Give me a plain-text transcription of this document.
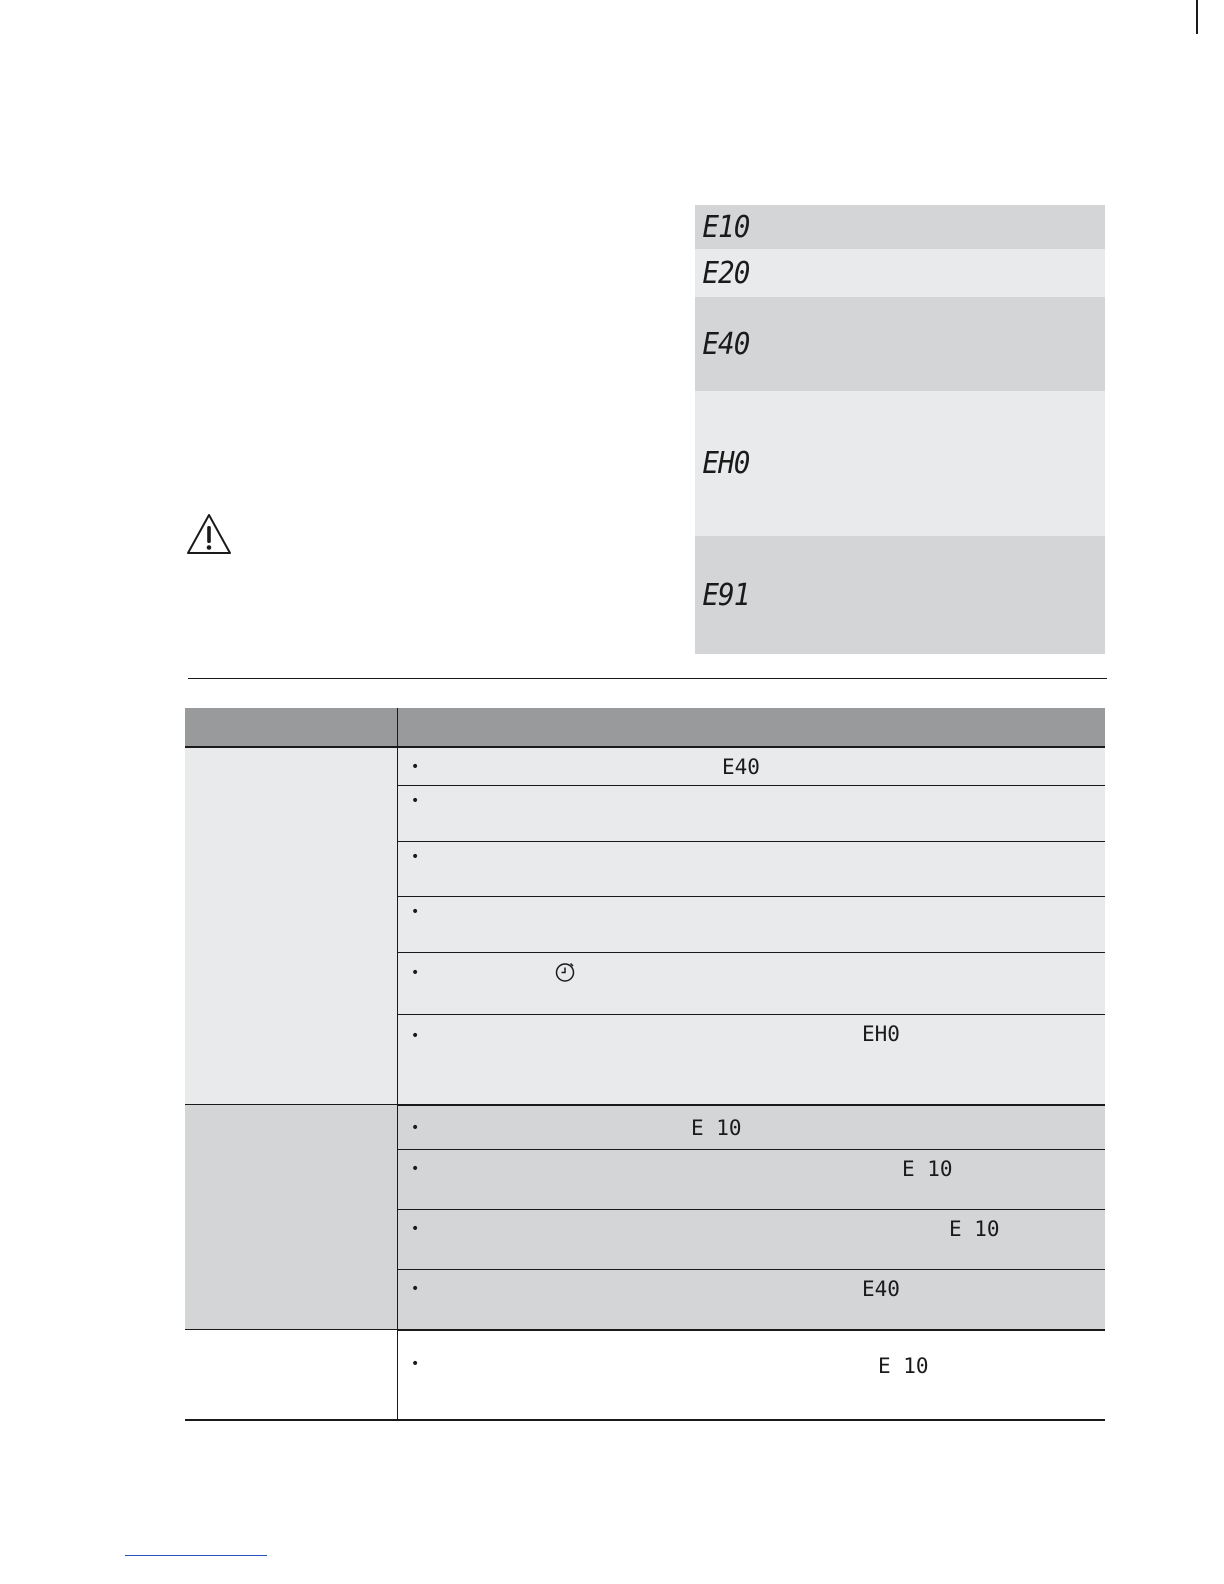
E10
E20
E40
EH0
E91
•	E40
•
•
•
•
•	EH0
•	E 10
•	E 10
•	E 10
•	E40
•	E 10
